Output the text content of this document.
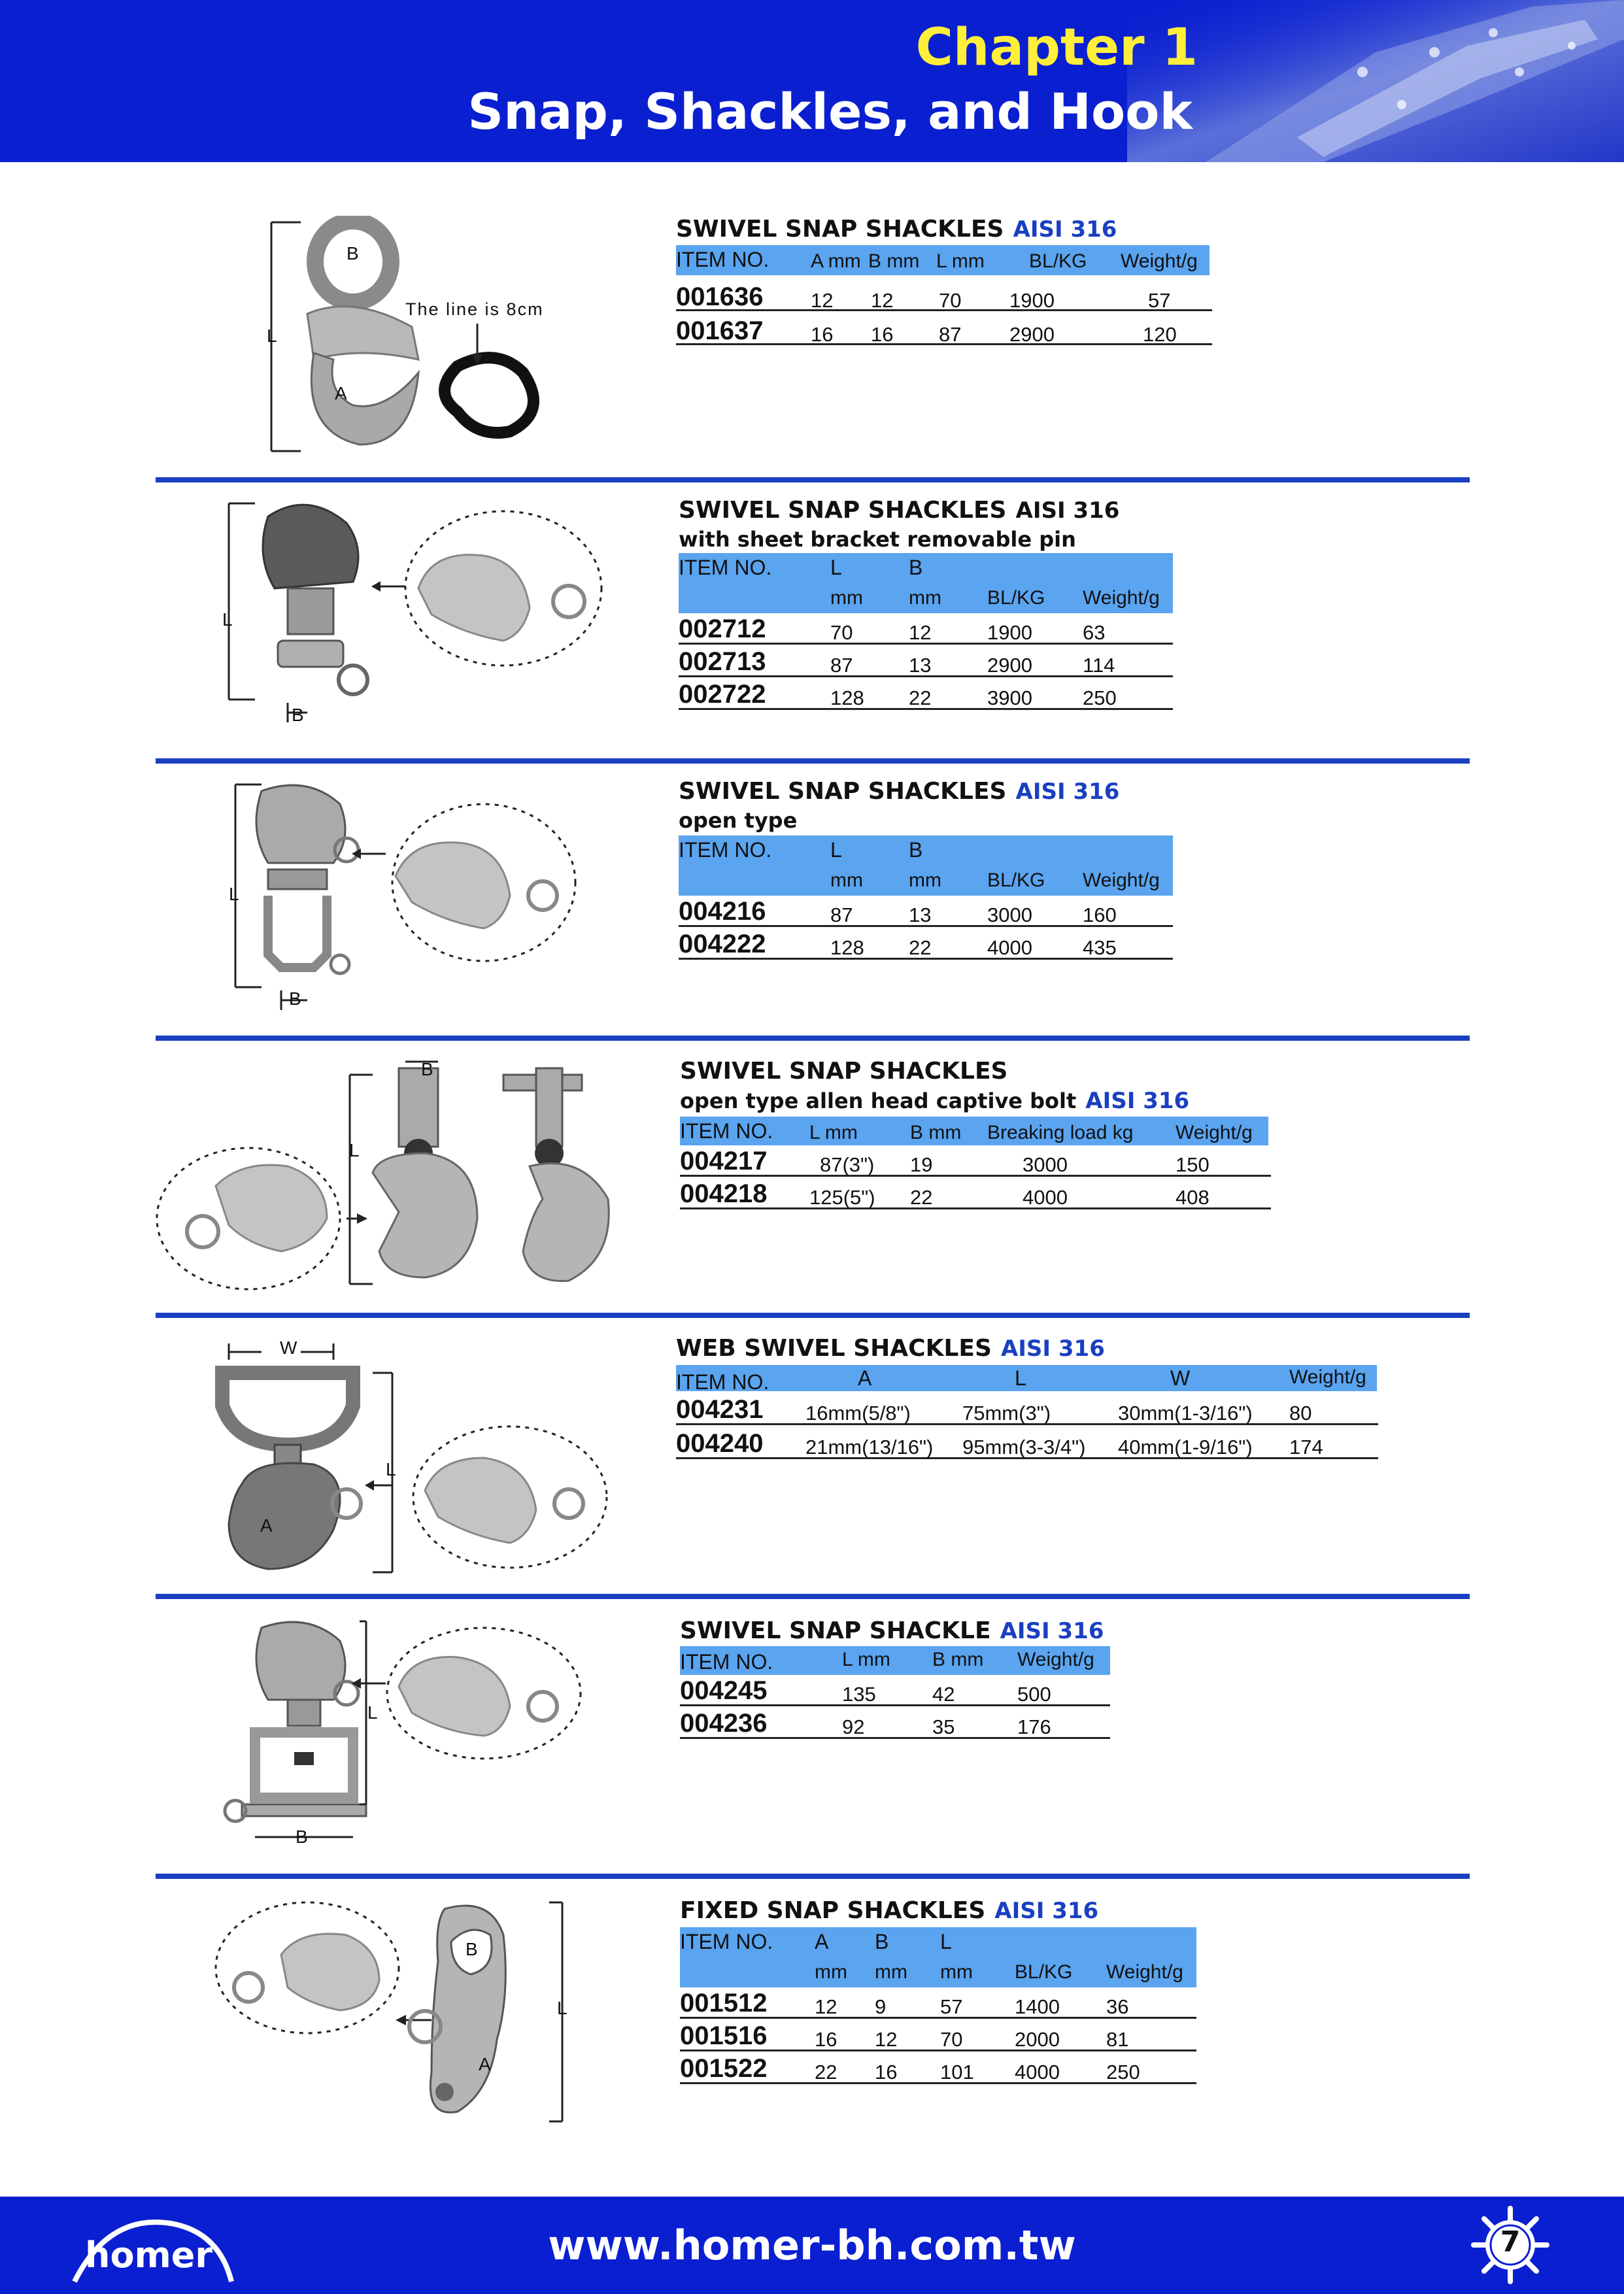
Chapter 1
Snap, Shackles, and Hook
B
L
A
The line is 8cm
SWIVEL SNAP SHACKLES AISI 316
ITEM NO. A mm B mm L mm BL/KG Weight/g
001636 12 12 70 1900	57
001637 16 16 87 2900	120
L
B
SWIVEL SNAP SHACKLES AISI 316
with sheet bracket removable pin
ITEM NO.	L	B
mm mm BL/KG Weight/g
002712	70	12	1900 63
002713	87	13	2900 114
002722	128 22	3900 250
L
B
SWIVEL SNAP SHACKLES AISI 316
open type
ITEM NO.	L	B
mm mm BL/KG Weight/g
004216	87	13	3000 160
004222	128 22	4000 435
B
L
SWIVEL SNAP SHACKLES
open type allen head captive bolt AISI 316
ITEM NO. L mm	B mm Breaking load kg Weight/g
004217	87(3") 19	3000	150
004218 125(5") 22	4000	408
W
L
A
WEB SWIVEL SHACKLES AISI 316
ITEM NO.	A	L	W	Weight/g
004231 16mm(5/8")	75mm(3")	30mm(1-3/16") 80
004240 21mm(13/16") 95mm(3-3/4") 40mm(1-9/16") 174
L
B
SWIVEL SNAP SHACKLE AISI 316
ITEM NO.	L mm B mm Weight/g
004245	135	42	500
004236	92	35	176
B
L
A
FIXED SNAP SHACKLES AISI 316
ITEM NO. A B L
mm mm mm BL/KG Weight/g
001512 12 9	57	1400 36
001516 16 12 70	2000 81
001522 22 16 101 4000 250
homer	www.homer-bh.com.tw	7
